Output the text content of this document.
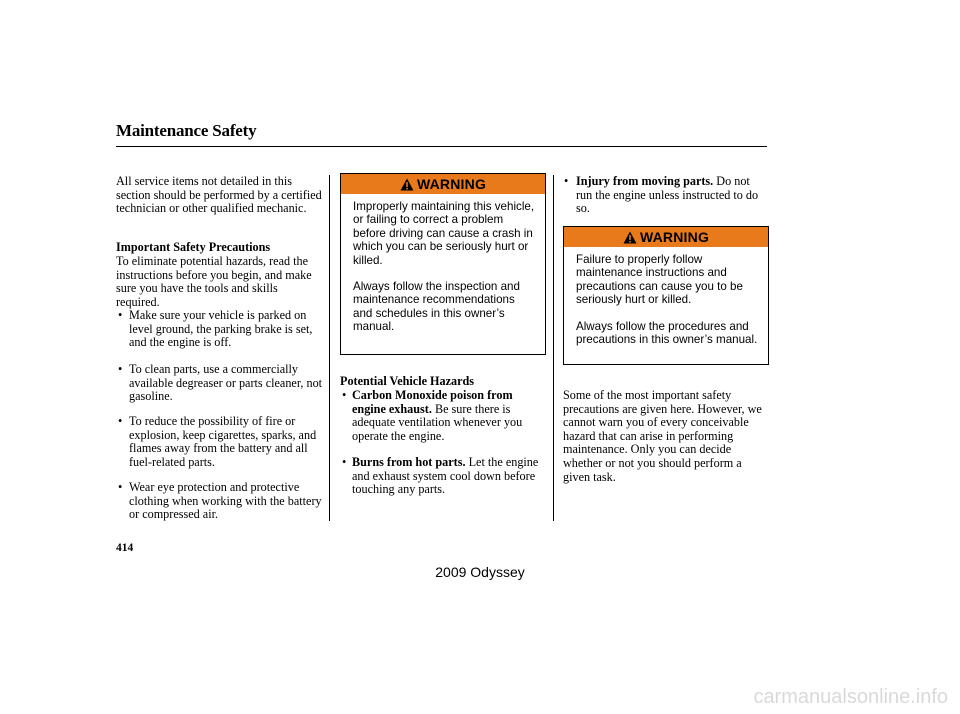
Maintenance Safety
All service items not detailed in this section should be performed by a certified technician or other qualified mechanic.
Important Safety Precautions
To eliminate potential hazards, read the instructions before you begin, and make sure you have the tools and skills required.
• Make sure your vehicle is parked on level ground, the parking brake is set, and the engine is off.
• To clean parts, use a commercially available degreaser or parts cleaner, not gasoline.
• To reduce the possibility of fire or explosion, keep cigarettes, sparks, and flames away from the battery and all fuel-related parts.
• Wear eye protection and protective clothing when working with the battery or compressed air.
WARNING

Improperly maintaining this vehicle, or failing to correct a problem before driving can cause a crash in which you can be seriously hurt or killed.

Always follow the inspection and maintenance recommendations and schedules in this owner’s manual.

Potential Vehicle Hazards
• Carbon Monoxide poison from engine exhaust. Be sure there is adequate ventilation whenever you operate the engine.
• Burns from hot parts. Let the engine and exhaust system cool down before touching any parts.
• Injury from moving parts. Do not run the engine unless instructed to do so.
WARNING

Failure to properly follow maintenance instructions and precautions can cause you to be seriously hurt or killed.

Always follow the procedures and precautions in this owner’s manual.

Some of the most important safety precautions are given here. However, we cannot warn you of every conceivable hazard that can arise in performing maintenance. Only you can decide whether or not you should perform a given task.
414
2009 Odyssey
carmanualsonline.info
